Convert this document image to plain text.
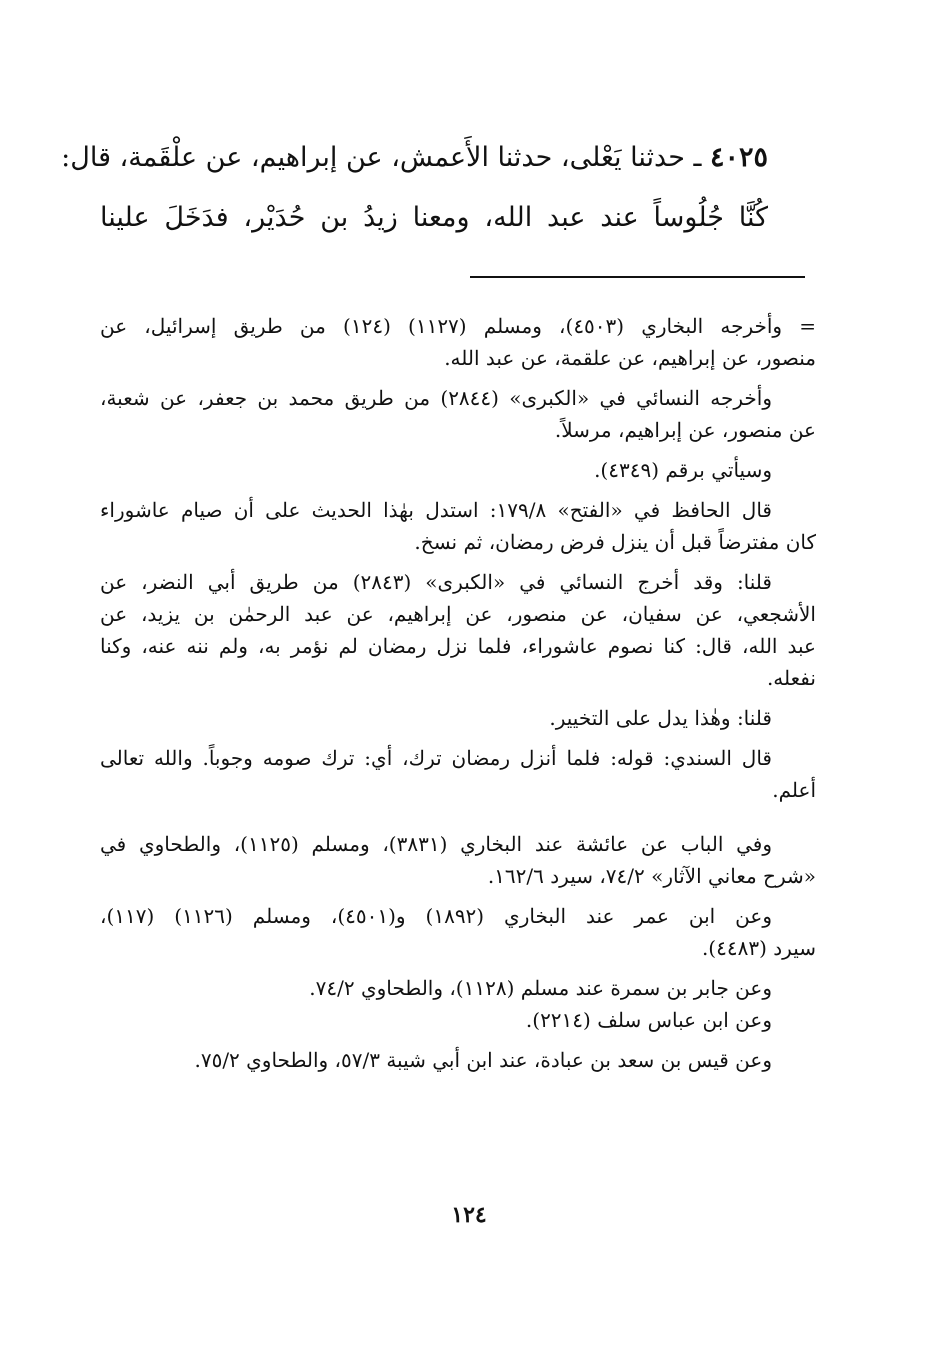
٤٠٢٥ ـ حدثنا يَعْلى، حدثنا الأَعمش، عن إبراهيم، عن علْقَمة، قال:
كُنَّا جُلُوساً عند عبد الله، ومعنا زيدُ بن حُدَيْر، فدَخَلَ علينا
= وأخرجه البخاري (٤٥٠٣)، ومسلم (١١٢٧) (١٢٤) من طريق إسرائيل، عن
منصور، عن إبراهيم، عن علقمة، عن عبد الله.
وأخرجه النسائي في «الكبرى» (٢٨٤٤) من طريق محمد بن جعفر، عن شعبة،
عن منصور، عن إبراهيم، مرسلاً.
وسيأتي برقم (٤٣٤٩).
قال الحافظ في «الفتح» ١٧٩/٨: استدل بهٰذا الحديث على أن صيام عاشوراء
كان مفترضاً قبل أن ينزل فرض رمضان، ثم نسخ.
قلنا: وقد أخرج النسائي في «الكبرى» (٢٨٤٣) من طريق أبي النضر، عن
الأشجعي، عن سفيان، عن منصور، عن إبراهيم، عن عبد الرحمٰن بن يزيد، عن
عبد الله، قال: كنا نصوم عاشوراء، فلما نزل رمضان لم نؤمر به، ولم ننه عنه، وكنا
نفعله.
قلنا: وهٰذا يدل على التخيير.
قال السندي: قوله: فلما أنزل رمضان ترك، أي: ترك صومه وجوباً. والله تعالى
أعلم.
وفي الباب عن عائشة عند البخاري (٣٨٣١)، ومسلم (١١٢٥)، والطحاوي في
«شرح معاني الآثار» ٧٤/٢، سيرد ١٦٢/٦.
وعن ابن عمر عند البخاري (١٨٩٢) و(٤٥٠١)، ومسلم (١١٢٦) (١١٧)،
سيرد (٤٤٨٣).
وعن جابر بن سمرة عند مسلم (١١٢٨)، والطحاوي ٧٤/٢.
وعن ابن عباس سلف (٢٢١٤).
وعن قيس بن سعد بن عبادة، عند ابن أبي شيبة ٥٧/٣، والطحاوي ٧٥/٢.
١٢٤
